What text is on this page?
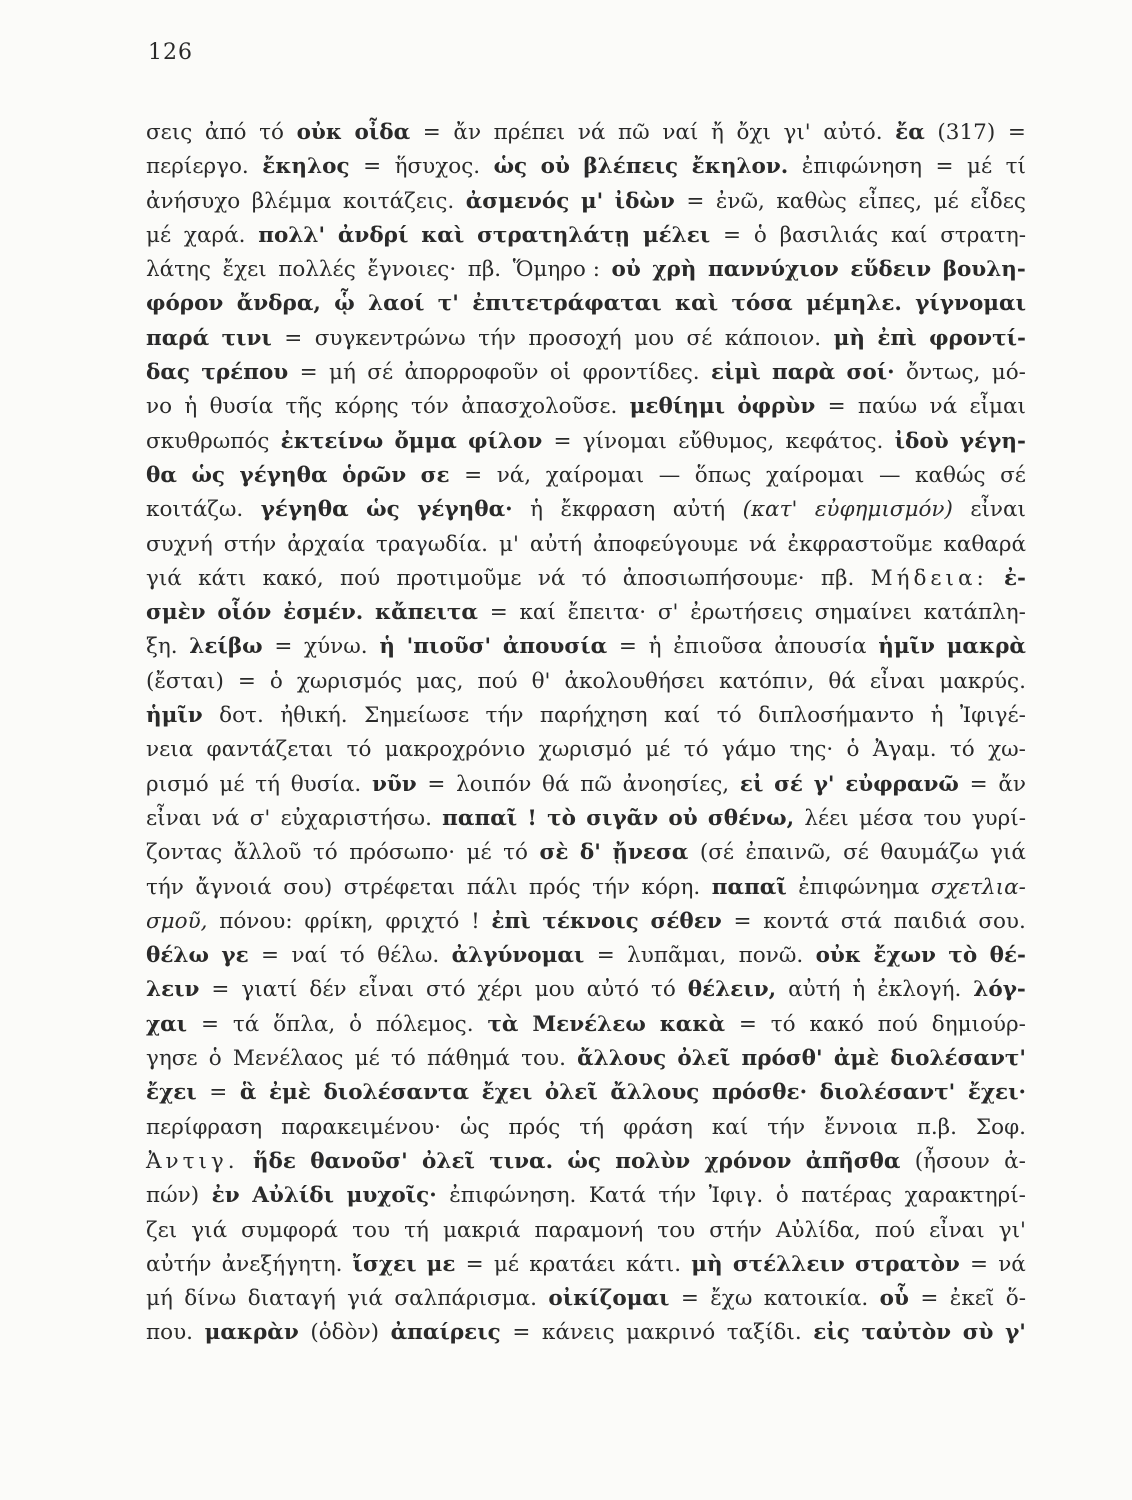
126
σεις ἀπό τό οὐκ οἶδα = ἄν πρέπει νά πῶ ναί ἤ ὄχι γι' αὐτό. ἔα (317) =
περίεργο. ἔκηλος = ἥσυχος. ὡς οὐ βλέπεις ἔκηλον. ἐπιφώνηση = μέ τί
ἀνήσυχο βλέμμα κοιτάζεις. ἀσμενός μ' ἰδὼν = ἐνῶ, καθὼς εἶπες, μέ εἶδες
μέ χαρά. πολλ' ἀνδρί καὶ στρατηλάτῃ μέλει = ὁ βασιλιάς καί στρατη-
λάτης ἔχει πολλές ἔγνοιες· πβ. Ὅμηρο : οὐ χρὴ παννύχιον εὕδειν βουλη-
φόρον ἄνδρα, ᾧ λαοί τ' ἐπιτετράφαται καὶ τόσα μέμηλε. γίγνομαι
παρά τινι = συγκεντρώνω τήν προσοχή μου σέ κάποιον. μὴ ἐπὶ φροντί-
δας τρέπου = μή σέ ἀπορροφοῦν οἱ φροντίδες. εἰμὶ παρὰ σοί· ὄντως, μό-
νο ἡ θυσία τῆς κόρης τόν ἀπασχολοῦσε. μεθίημι ὀφρὺν = παύω νά εἶμαι
σκυθρωπός ἐκτείνω ὄμμα φίλον = γίνομαι εὔθυμος, κεφάτος. ἰδοὺ γέγη-
θα ὡς γέγηθα ὁρῶν σε = νά, χαίρομαι — ὅπως χαίρομαι — καθώς σέ
κοιτάζω. γέγηθα ὡς γέγηθα· ἡ ἔκφραση αὐτή (κατ' εὐφημισμόν) εἶναι
συχνή στήν ἀρχαία τραγωδία. μ' αὐτή ἀποφεύγουμε νά ἐκφραστοῦμε καθαρά
γιά κάτι κακό, πού προτιμοῦμε νά τό ἀποσιωπήσουμε· πβ. Μήδεια: ἐ-
σμὲν οἷόν ἐσμέν. κἄπειτα = καί ἔπειτα· σ' ἐρωτήσεις σημαίνει κατάπλη-
ξη. λείβω = χύνω. ἡ 'πιοῦσ' ἀπουσία = ἡ ἐπιοῦσα ἀπουσία ἡμῖν μακρὰ
(ἔσται) = ὁ χωρισμός μας, πού θ' ἀκολουθήσει κατόπιν, θά εἶναι μακρύς.
ἡμῖν δοτ. ἠθική. Σημείωσε τήν παρήχηση καί τό διπλοσήμαντο ἡ Ἰφιγέ-
νεια φαντάζεται τό μακροχρόνιο χωρισμό μέ τό γάμο της· ὁ Ἀγαμ. τό χω-
ρισμό μέ τή θυσία. νῦν = λοιπόν θά πῶ ἀνοησίες, εἰ σέ γ' εὐφρανῶ = ἄν
εἶναι νά σ' εὐχαριστήσω. παπαῖ ! τὸ σιγᾶν οὐ σθένω, λέει μέσα του γυρί-
ζοντας ἄλλοῦ τό πρόσωπο· μέ τό σὲ δ' ᾔνεσα (σέ ἐπαινῶ, σέ θαυμάζω γιά
τήν ἄγνοιά σου) στρέφεται πάλι πρός τήν κόρη. παπαῖ ἐπιφώνημα σχετλια-
σμοῦ, πόνου: φρίκη, φριχτό ! ἐπὶ τέκνοις σέθεν = κοντά στά παιδιά σου.
θέλω γε = ναί τό θέλω. ἀλγύνομαι = λυπᾶμαι, πονῶ. οὐκ ἔχων τὸ θέ-
λειν = γιατί δέν εἶναι στό χέρι μου αὐτό τό θέλειν, αὐτή ἡ ἐκλογή. λόγ-
χαι = τά ὅπλα, ὁ πόλεμος. τὰ Μενέλεω κακὰ = τό κακό πού δημιούρ-
γησε ὁ Μενέλαος μέ τό πάθημά του. ἄλλους ὀλεῖ πρόσθ' ἀμὲ διολέσαντ'
ἔχει = ἃ ἐμὲ διολέσαντα ἔχει ὀλεῖ ἄλλους πρόσθε· διολέσαντ' ἔχει·
περίφραση παρακειμένου· ὡς πρός τή φράση καί τήν ἔννοια π.β. Σοφ.
Ἀντιγ. ἥδε θανοῦσ' ὀλεῖ τινα. ὡς πολὺν χρόνον ἀπῆσθα (ἦσουν ἀ-
πών) ἐν Αὐλίδι μυχοῖς· ἐπιφώνηση. Κατά τήν Ἰφιγ. ὁ πατέρας χαρακτηρί-
ζει γιά συμφορά του τή μακριά παραμονή του στήν Αὐλίδα, πού εἶναι γι'
αὐτήν ἀνεξήγητη. ἴσχει με = μέ κρατάει κάτι. μὴ στέλλειν στρατὸν = νά
μή δίνω διαταγή γιά σαλπάρισμα. οἰκίζομαι = ἔχω κατοικία. οὗ = ἐκεῖ ὅ-
που. μακρὰν (ὁδὸν) ἀπαίρεις = κάνεις μακρινό ταξίδι. εἰς ταὐτὸν σὺ γ'
